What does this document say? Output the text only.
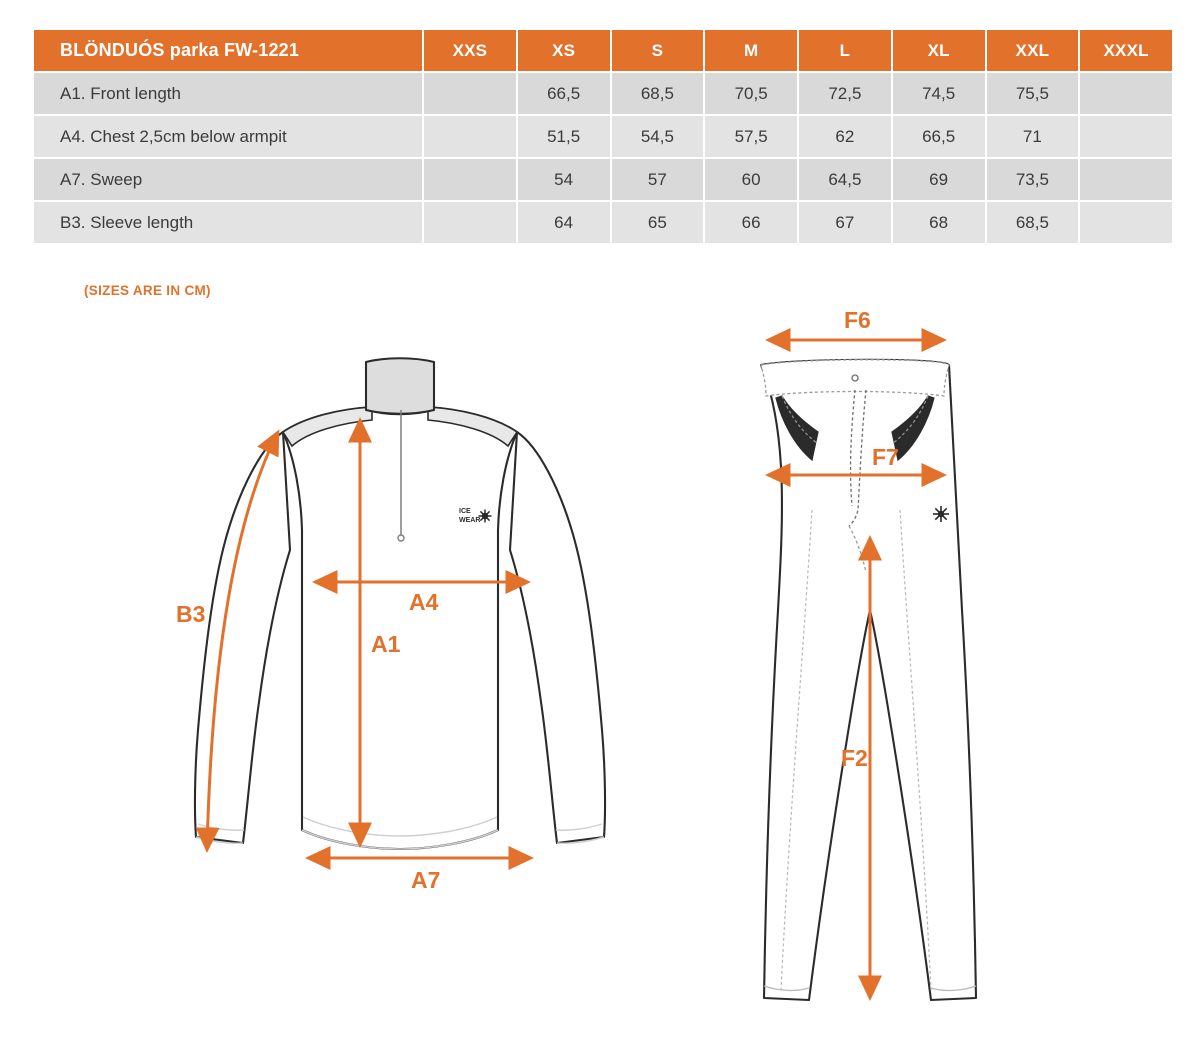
BLÖNDUÓS parka FW-1221	XXS	XS	S	M	L	XL	XXL	XXXL
A1. Front length		66,5	68,5	70,5	72,5	74,5	75,5	
A4. Chest 2,5cm below armpit		51,5	54,5	57,5	62	66,5	71	
A7. Sweep		54	57	60	64,5	69	73,5	
B3. Sleeve length		64	65	66	67	68	68,5	
(SIZES ARE IN CM)
ICE
WEAR
B3	A4
A1
A7
F6
F7
F2
